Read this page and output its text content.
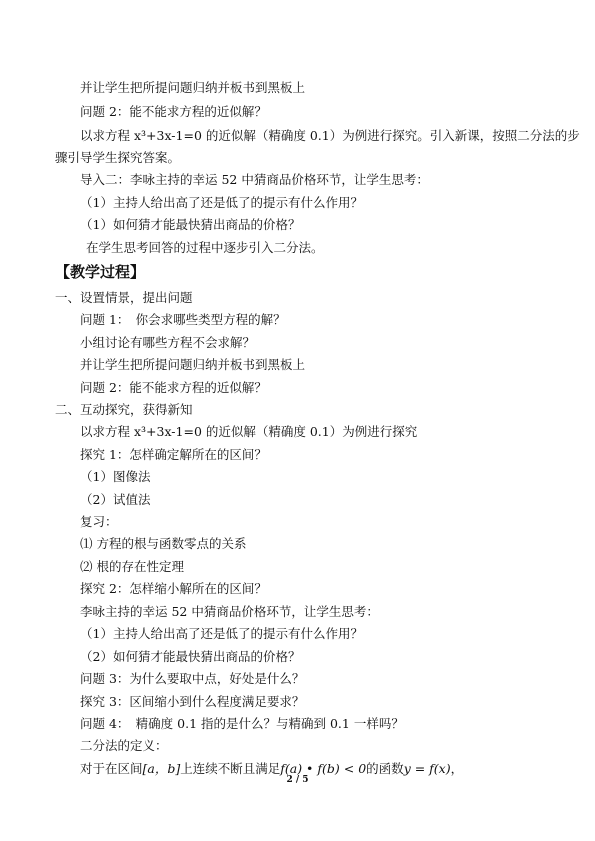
并让学生把所提问题归纳并板书到黑板上
问题 2：能不能求方程的近似解？
以求方程 x³+3x-1=0 的近似解（精确度 0.1）为例进行探究。引入新课，按照二分法的步
骤引导学生探究答案。
导入二：李咏主持的幸运 52 中猜商品价格环节，让学生思考：
（1）主持人给出高了还是低了的提示有什么作用？
（1）如何猜才能最快猜出商品的价格？
在学生思考回答的过程中逐步引入二分法。
【教学过程】
一、设置情景，提出问题
问题 1：　你会求哪些类型方程的解？
小组讨论有哪些方程不会求解？
并让学生把所提问题归纳并板书到黑板上
问题 2：能不能求方程的近似解？
二、互动探究，获得新知
以求方程 x³+3x-1=0 的近似解（精确度 0.1）为例进行探究
探究 1：怎样确定解所在的区间？
（1）图像法
（2）试值法
复习：
⑴ 方程的根与函数零点的关系
⑵ 根的存在性定理
探究 2：怎样缩小解所在的区间？
李咏主持的幸运 52 中猜商品价格环节，让学生思考：
（1）主持人给出高了还是低了的提示有什么作用？
（2）如何猜才能最快猜出商品的价格？
问题 3：为什么要取中点，好处是什么？
探究 3：区间缩小到什么程度满足要求？
问题 4：　精确度 0.1 指的是什么？与精确到 0.1 一样吗？
二分法的定义：
对于在区间[a，b]上连续不断且满足f(a) • f(b) < 0的函数y = f(x)，
2 / 5
